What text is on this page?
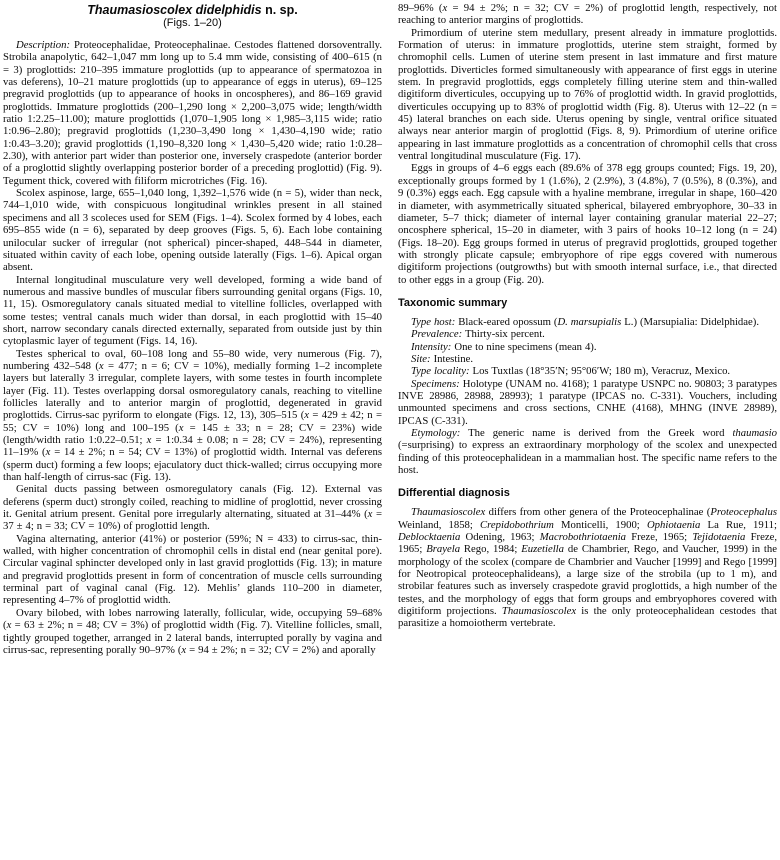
Thaumasioscolex didelphidis n. sp.
(Figs. 1–20)

Description: Proteocephalidae, Proteocephalinae. Cestodes flattened dorsoventrally. Strobila anapolytic, 642–1,047 mm long up to 5.4 mm wide, consisting of 400–615 (n = 3) proglottids: 210–395 immature proglottids (up to appearance of spermatozoa in vas deferens), 10–21 mature proglottids (up to appearance of eggs in uterus), 69–125 pregravid proglottids (up to appearance of hooks in oncospheres), and 86–169 gravid proglottids. Immature proglottids (200–1,290 long × 2,200–3,075 wide; length/width ratio 1:2.25–11.00); mature proglottids (1,070–1,905 long × 1,985–3,115 wide; ratio 1:0.96–2.80); pregravid proglottids (1,230–3,490 long × 1,430–4,190 wide; ratio 1:0.43–3.20); gravid proglottids (1,190–8,320 long × 1,430–5,420 wide; ratio 1:0.28–2.30), with anterior part wider than posterior one, inversely craspedote (anterior border of a proglottid slightly overlapping posterior border of a preceding proglottid) (Fig. 9). Tegument thick, covered with filiform microtriches (Fig. 16).

Scolex aspinose, large, 655–1,040 long, 1,392–1,576 wide (n = 5), wider than neck, 744–1,010 wide, with conspicuous longitudinal wrinkles present in all stained specimens and all 3 scoleces used for SEM (Figs. 1–4). Scolex formed by 4 lobes, each 695–855 wide (n = 6), separated by deep grooves (Figs. 5, 6). Each lobe containing unilocular sucker of irregular (not spherical) pincer-shaped, 448–544 in diameter, situated within cavity of each lobe, opening outside laterally (Figs. 1–6). Apical organ absent.

Internal longitudinal musculature very well developed, forming a wide band of numerous and massive bundles of muscular fibers surrounding genital organs (Figs. 10, 11, 15). Osmoregulatory canals situated medial to vitelline follicles, overlapped with some testes; ventral canals much wider than dorsal, in each proglottid with 15–40 short, narrow secondary canals directed externally, separated from outside just by thin cytoplasmic layer of tegument (Figs. 14, 16).

Testes spherical to oval, 60–108 long and 55–80 wide, very numerous (Fig. 7), numbering 432–548 (x = 477; n = 6; CV = 10%), medially forming 1–2 incomplete layers but laterally 3 irregular, complete layers, with some testes in fourth incomplete layer (Fig. 11). Testes overlapping dorsal osmoregulatory canals, reaching to vitelline follicles laterally and to anterior margin of proglottid, degenerated in gravid proglottids. Cirrus-sac pyriform to elongate (Figs. 12, 13), 305–515 (x = 429 ± 42; n = 55; CV = 10%) long and 100–195 (x = 145 ± 33; n = 28; CV = 23%) wide (length/width ratio 1:0.22–0.51; x = 1:0.34 ± 0.08; n = 28; CV = 24%), representing 11–19% (x = 14 ± 2%; n = 54; CV = 13%) of proglottid width. Internal vas deferens (sperm duct) forming a few loops; ejaculatory duct thick-walled; cirrus occupying more than half-length of cirrus-sac (Fig. 13).

Genital ducts passing between osmoregulatory canals (Fig. 12). External vas deferens (sperm duct) strongly coiled, reaching to midline of proglottid, never crossing it. Genital atrium present. Genital pore irregularly alternating, situated at 31–44% (x = 37 ± 4; n = 33; CV = 10%) of proglottid length.

Vagina alternating, anterior (41%) or posterior (59%; N = 433) to cirrus-sac, thin-walled, with higher concentration of chromophil cells in distal end (near genital pore). Circular vaginal sphincter developed only in last gravid proglottids (Fig. 13); in mature and pregravid proglottids present in form of concentration of muscle cells surrounding terminal part of vaginal canal (Fig. 12). Mehlis’ glands 110–200 in diameter, representing 4–7% of proglottid width.

Ovary bilobed, with lobes narrowing laterally, follicular, wide, occupying 59–68% (x = 63 ± 2%; n = 48; CV = 3%) of proglottid width (Fig. 7). Vitelline follicles, small, tightly grouped together, arranged in 2 lateral bands, interrupted porally by vagina and cirrus-sac, representing porally 90–97% (x = 94 ± 2%; n = 32; CV = 2%) and aporally

89–96% (x = 94 ± 2%; n = 32; CV = 2%) of proglottid length, respectively, not reaching to anterior margins of proglottids.

Primordium of uterine stem medullary, present already in immature proglottids. Formation of uterus: in immature proglottids, uterine stem straight, formed by chromophil cells. Lumen of uterine stem present in last immature and first mature proglottids. Diverticles formed simultaneously with appearance of first eggs in uterine stem. In pregravid proglottids, eggs completely filling uterine stem and thin-walled digitiform diverticules, occupying up to 76% of proglottid width. In gravid proglottids, diverticules occupying up to 83% of proglottid width (Fig. 8). Uterus with 12–22 (n = 45) lateral branches on each side. Uterus opening by single, ventral orifice situated always near anterior margin of proglottid (Figs. 8, 9). Primordium of uterine orifice appearing in last immature proglottids as a concentration of chromophil cells that cross ventral longitudinal musculature (Fig. 17).

Eggs in groups of 4–6 eggs each (89.6% of 378 egg groups counted; Figs. 19, 20), exceptionally groups formed by 1 (1.6%), 2 (2.9%), 3 (4.8%), 7 (0.5%), 8 (0.3%), and 9 (0.3%) eggs each. Egg capsule with a hyaline membrane, irregular in shape, 160–420 in diameter, with asymmetrically situated spherical, bilayered embryophore, 30–33 in diameter, 5–7 thick; diameter of internal layer containing granular material 22–27; oncosphere spherical, 15–20 in diameter, with 3 pairs of hooks 10–12 long (n = 24) (Figs. 18–20). Egg groups formed in uterus of pregravid proglottids, grouped together with strongly plicate capsule; embryophore of ripe eggs covered with numerous digitiform projections (outgrowths) but with smooth internal surface, i.e., that directed to other eggs in a group (Fig. 20).

Taxonomic summary

Type host: Black-eared opossum (D. marsupialis L.) (Marsupialia: Didelphidae).

Prevalence: Thirty-six percent.

Intensity: One to nine specimens (mean 4).

Site: Intestine.

Type locality: Los Tuxtlas (18°35′N; 95°06′W; 180 m), Veracruz, Mexico.

Specimens: Holotype (UNAM no. 4168); 1 paratype USNPC no. 90803; 3 paratypes INVE 28986, 28988, 28993); 1 paratype (IPCAS no. C-331). Vouchers, including unmounted specimens and cross sections, CNHE (4168), MHNG (INVE 28989), IPCAS (C-331).

Etymology: The generic name is derived from the Greek word thaumasio (=surprising) to express an extraordinary morphology of the scolex and unexpected finding of this proteocephalidean in a mammalian host. The specific name refers to the host.

Differential diagnosis

Thaumasioscolex differs from other genera of the Proteocephalinae (Proteocephalus Weinland, 1858; Crepidobothrium Monticelli, 1900; Ophiotaenia La Rue, 1911; Deblocktaenia Odening, 1963; Macrobothriotaenia Freze, 1965; Tejidotaenia Freze, 1965; Brayela Rego, 1984; Euzetiella de Chambrier, Rego, and Vaucher, 1999) in the morphology of the scolex (compare de Chambrier and Vaucher [1999] and Rego [1999] for Neotropical proteocephalideans), a large size of the strobila (up to 1 m), and strobilar features such as inversely craspedote gravid proglottids, a high number of the testes, and the morphology of eggs that form groups and embryophores covered with digitiform projections. Thaumasioscolex is the only proteocephalidean cestodes that parasitize a homoiotherm vertebrate.
